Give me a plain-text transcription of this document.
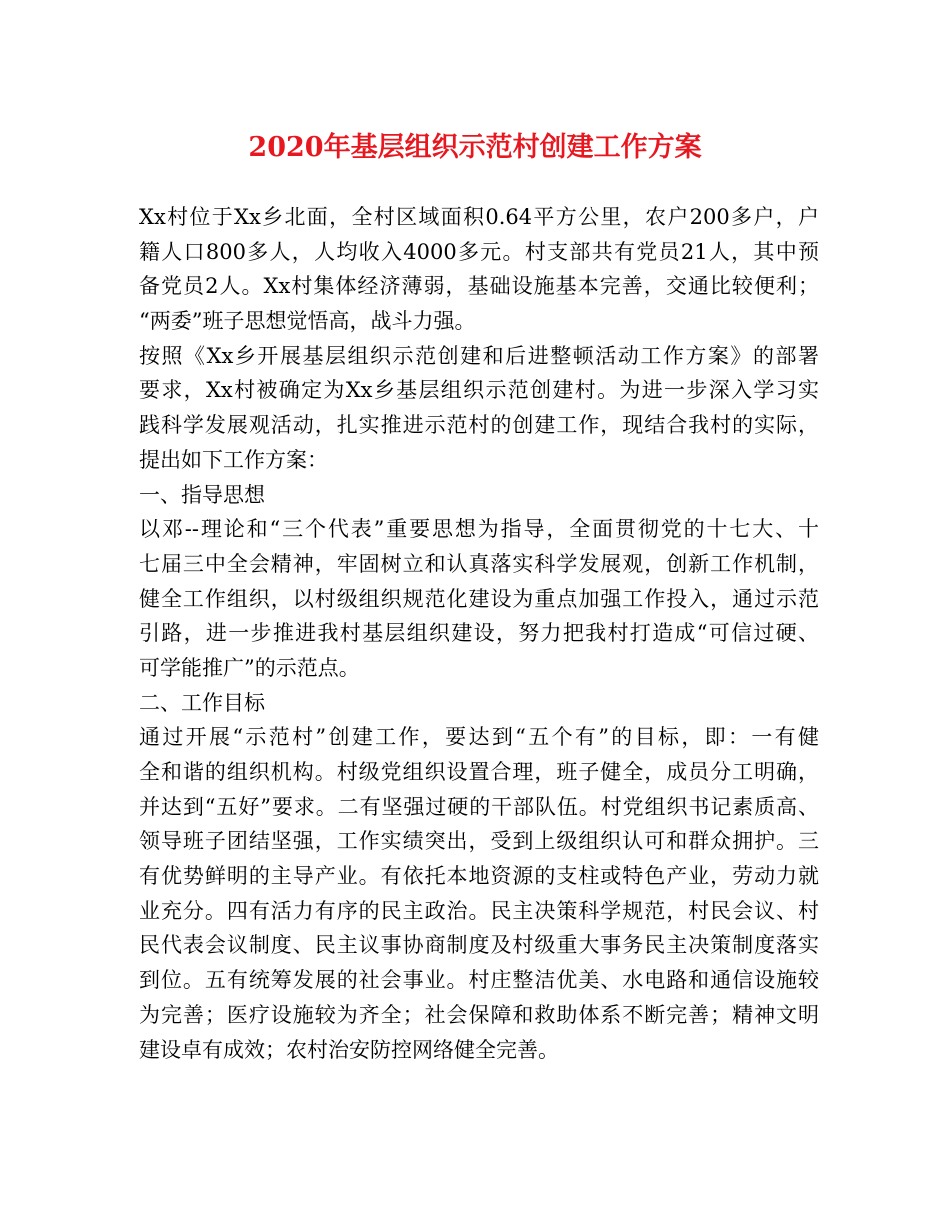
2020年基层组织示范村创建工作方案
Xx村位于Xx乡北面，全村区域面积0.64平方公里，农户200多户，户
籍人口800多人，人均收入4000多元。村支部共有党员21人，其中预
备党员2人。Xx村集体经济薄弱，基础设施基本完善，交通比较便利；
“两委”班子思想觉悟高，战斗力强。
按照《Xx乡开展基层组织示范创建和后进整顿活动工作方案》的部署
要求，Xx村被确定为Xx乡基层组织示范创建村。为进一步深入学习实
践科学发展观活动，扎实推进示范村的创建工作，现结合我村的实际，
提出如下工作方案：
一、指导思想
以邓--理论和“三个代表”重要思想为指导，全面贯彻党的十七大、十
七届三中全会精神，牢固树立和认真落实科学发展观，创新工作机制，
健全工作组织，以村级组织规范化建设为重点加强工作投入，通过示范
引路，进一步推进我村基层组织建设，努力把我村打造成“可信过硬、
可学能推广”的示范点。
二、工作目标
通过开展“示范村”创建工作，要达到“五个有”的目标，即：一有健
全和谐的组织机构。村级党组织设置合理，班子健全，成员分工明确，
并达到“五好”要求。二有坚强过硬的干部队伍。村党组织书记素质高、
领导班子团结坚强，工作实绩突出，受到上级组织认可和群众拥护。三
有优势鲜明的主导产业。有依托本地资源的支柱或特色产业，劳动力就
业充分。四有活力有序的民主政治。民主决策科学规范，村民会议、村
民代表会议制度、民主议事协商制度及村级重大事务民主决策制度落实
到位。五有统筹发展的社会事业。村庄整洁优美、水电路和通信设施较
为完善；医疗设施较为齐全；社会保障和救助体系不断完善；精神文明
建设卓有成效；农村治安防控网络健全完善。
